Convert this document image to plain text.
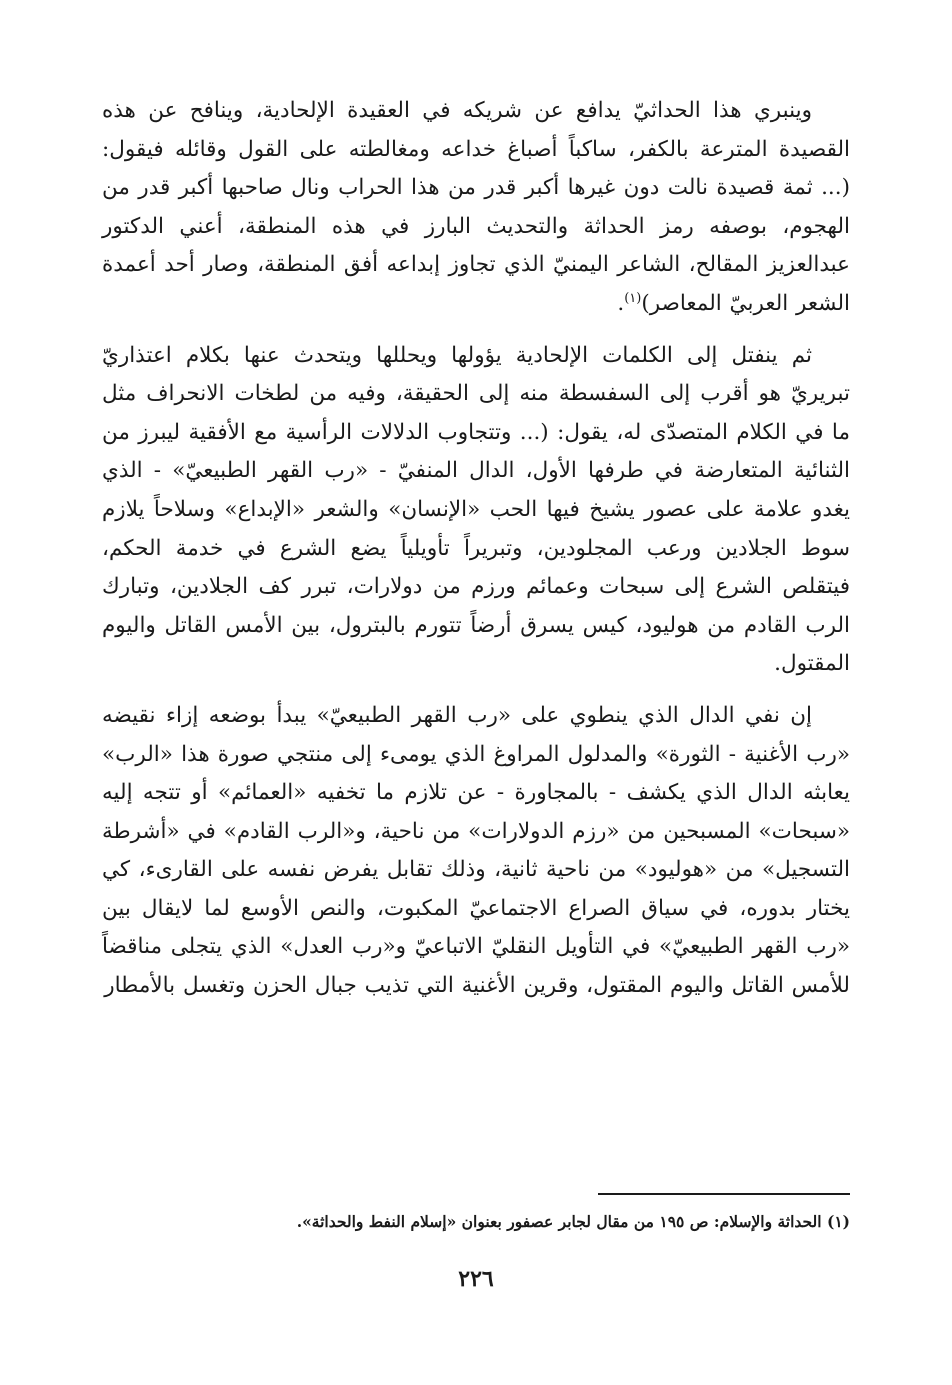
وينبري هذا الحداثيّ يدافع عن شريكه في العقيدة الإلحادية، وينافح عن هذه القصيدة المترعة بالكفر، ساكباً أصباغ خداعه ومغالطته على القول وقائله فيقول: (... ثمة قصيدة نالت دون غيرها أكبر قدر من هذا الحراب ونال صاحبها أكبر قدر من الهجوم، بوصفه رمز الحداثة والتحديث البارز في هذه المنطقة، أعني الدكتور عبدالعزيز المقالح، الشاعر اليمنيّ الذي تجاوز إبداعه أفق المنطقة، وصار أحد أعمدة الشعر العربيّ المعاصر)$^{(١)}$.

ثم ينفتل إلى الكلمات الإلحادية يؤولها ويحللها ويتحدث عنها بكلام اعتذاريّ تبريريّ هو أقرب إلى السفسطة منه إلى الحقيقة، وفيه من لطخات الانحراف مثل ما في الكلام المتصدّى له، يقول: (... وتتجاوب الدلالات الرأسية مع الأفقية ليبرز من الثنائية المتعارضة في طرفها الأول، الدال المنفيّ - «رب القهر الطبيعيّ» - الذي يغدو علامة على عصور يشيخ فيها الحب «الإنسان» والشعر «الإبداع» وسلاحاً يلازم سوط الجلادين ورعب المجلودين، وتبريراً تأويلياً يضع الشرع في خدمة الحكم، فيتقلص الشرع إلى سبحات وعمائم ورزم من دولارات، تبرر كف الجلادين، وتبارك الرب القادم من هوليود، كيس يسرق أرضاً تتورم بالبترول، بين الأمس القاتل واليوم المقتول.

إن نفي الدال الذي ينطوي على «رب القهر الطبيعيّ» يبدأ بوضعه إزاء نقيضه «رب الأغنية - الثورة» والمدلول المراوغ الذي يومىء إلى منتجي صورة هذا «الرب» يعابثه الدال الذي يكشف - بالمجاورة - عن تلازم ما تخفيه «العمائم» أو تتجه إليه «سبحات» المسبحين من «رزم الدولارات» من ناحية، و«الرب القادم» في «أشرطة التسجيل» من «هوليود» من ناحية ثانية، وذلك تقابل يفرض نفسه على القارىء، كي يختار بدوره، في سياق الصراع الاجتماعيّ المكبوت، والنص الأوسع لما لايقال بين «رب القهر الطبيعيّ» في التأويل النقليّ الاتباعيّ و«رب العدل» الذي يتجلى مناقضاً للأمس القاتل واليوم المقتول، وقرين الأغنية التي تذيب جبال الحزن وتغسل بالأمطار

(١) الحداثة والإسلام: ص ١٩٥ من مقال لجابر عصفور بعنوان «إسلام النفط والحداثة».
٢٢٦
